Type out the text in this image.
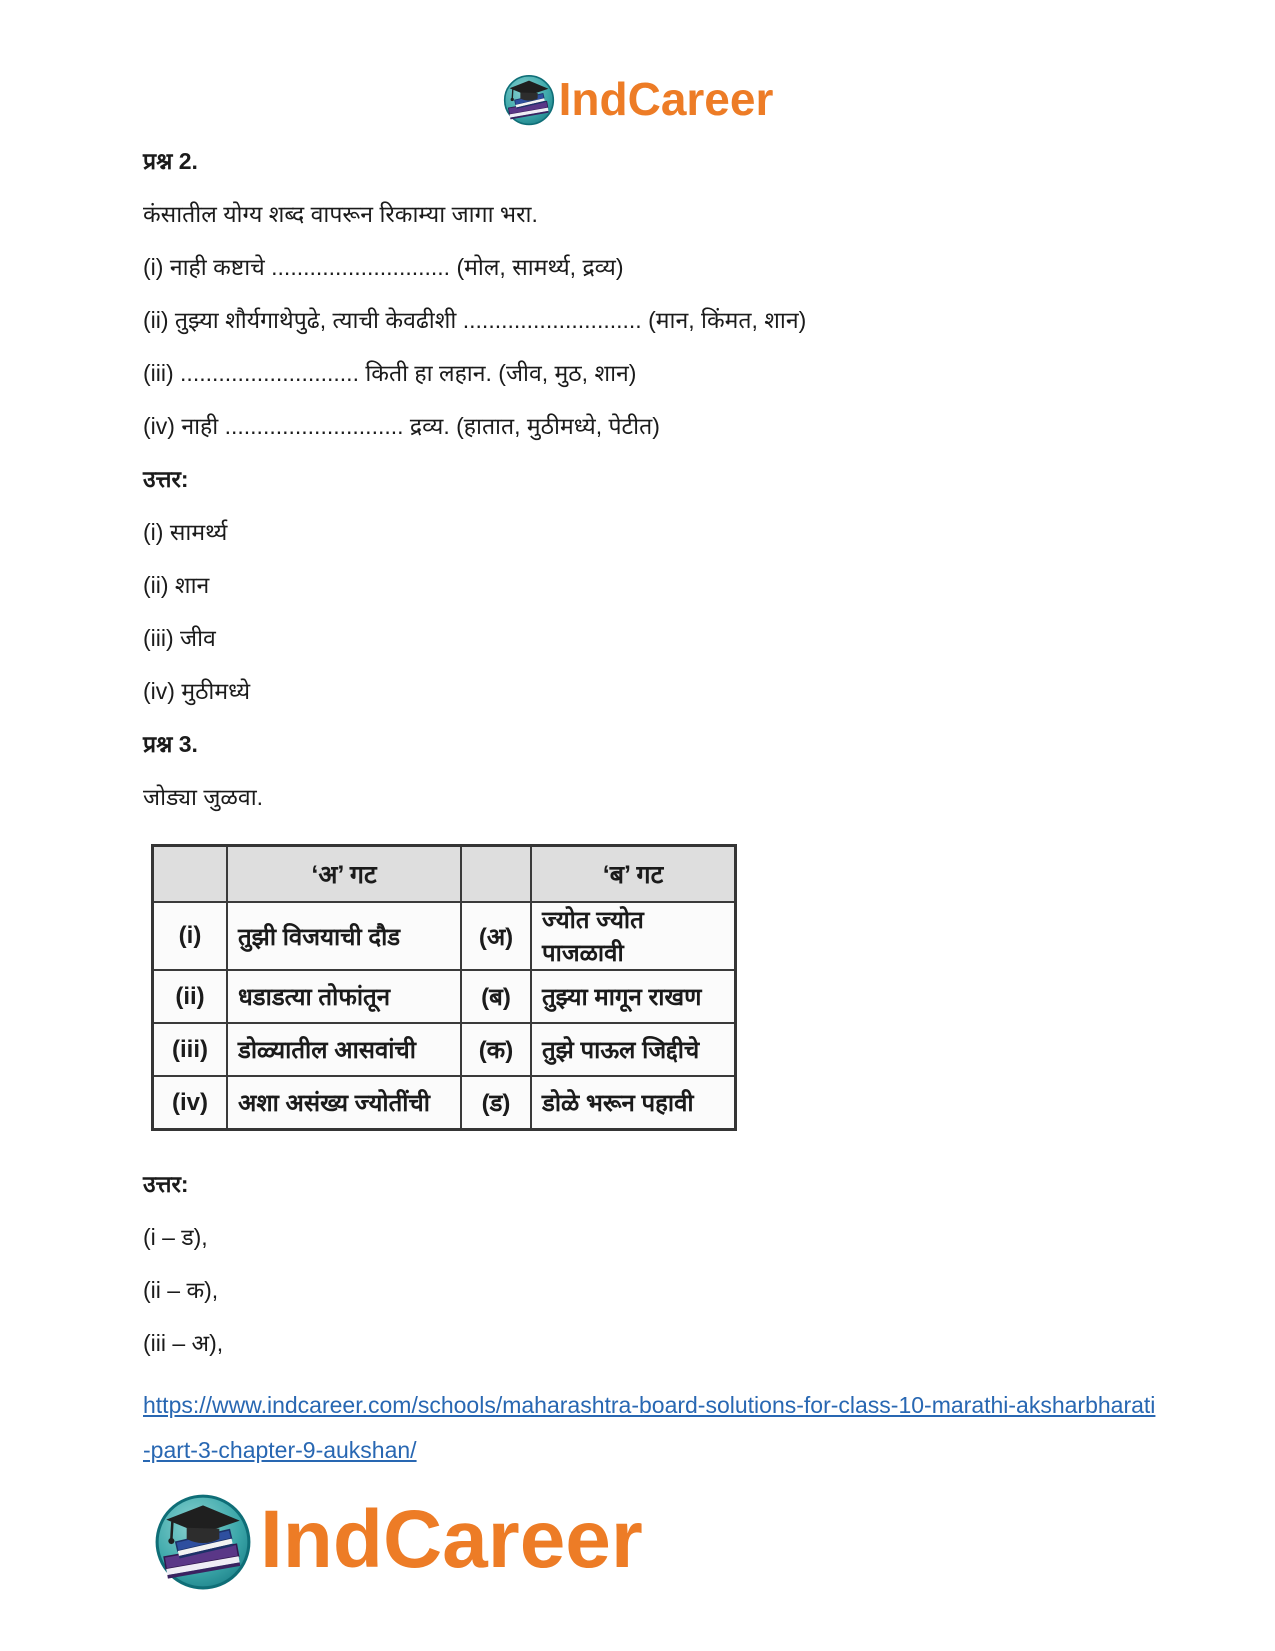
IndCareer

प्रश्न 2.

कंसातील योग्य शब्द वापरून रिकाम्या जागा भरा.

(i) नाही कष्टाचे ............................ (मोल, सामर्थ्य, द्रव्य)

(ii) तुझ्या शौर्यगाथेपुढे, त्याची केवढीशी ............................ (मान, किंमत, शान)

(iii) ............................ किती हा लहान. (जीव, मुठ, शान)

(iv) नाही ............................ द्रव्य. (हातात, मुठीमध्ये, पेटीत)

उत्तर:

(i) सामर्थ्य

(ii) शान

(iii) जीव

(iv) मुठीमध्ये

प्रश्न 3.

जोड्या जुळवा.

	‘अ’ गट		‘ब’ गट
(i)	तुझी विजयाची दौड	(अ)	ज्योत ज्योत पाजळावी
(ii)	धडाडत्या तोफांतून	(ब)	तुझ्या मागून राखण
(iii)	डोळ्यातील आसवांची	(क)	तुझे पाऊल जिद्दीचे
(iv)	अशा असंख्य ज्योतींची	(ड)	डोळे भरून पहावी

उत्तर:

(i – ड),

(ii – क),

(iii – अ),

https://www.indcareer.com/schools/maharashtra-board-solutions-for-class-10-marathi-aksharbharati-part-3-chapter-9-aukshan/
IndCareer
